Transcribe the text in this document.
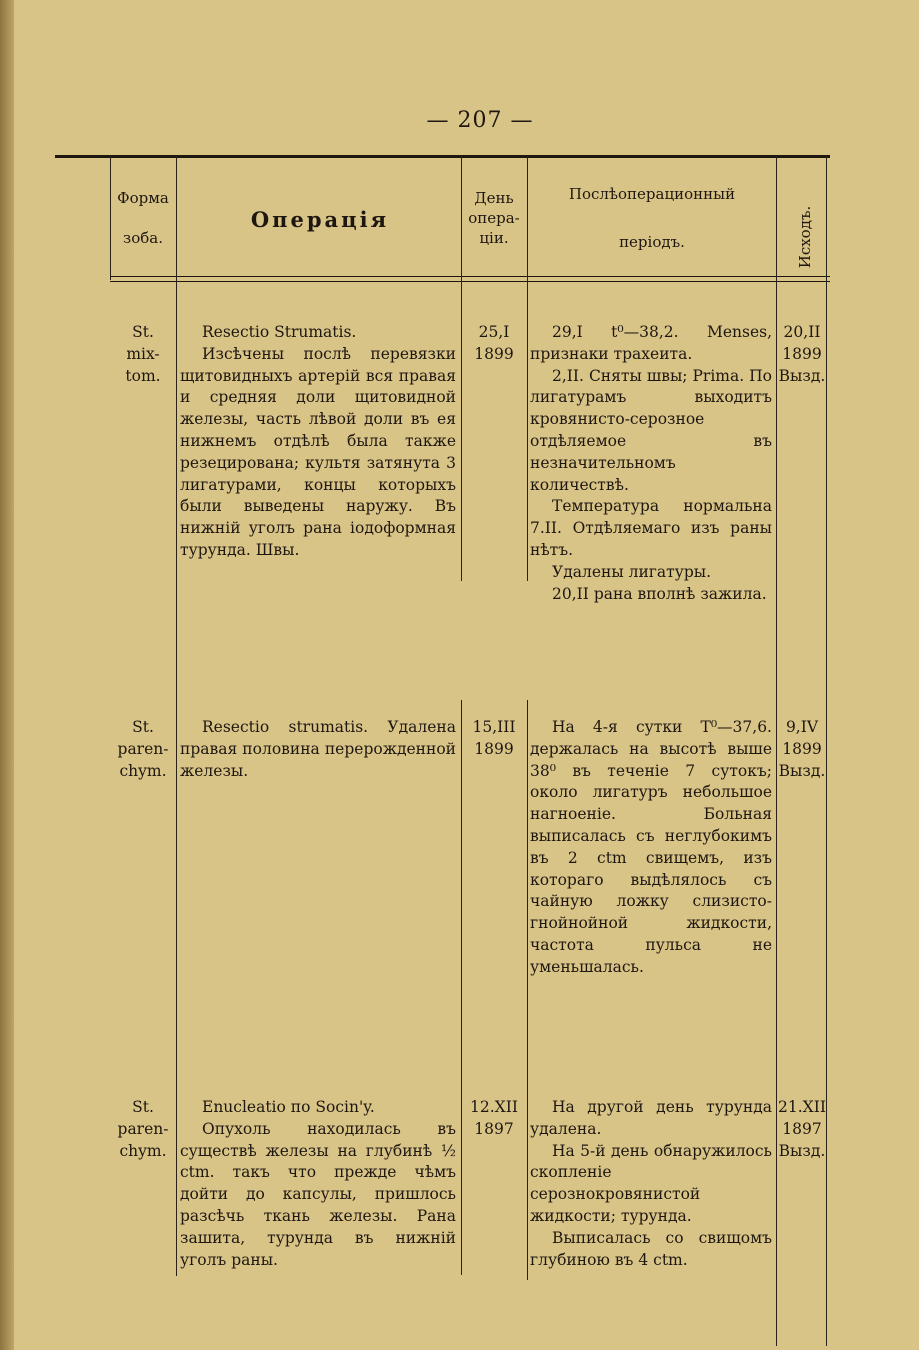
— 207 —
Форма
зоба.
Операція
День
опера-
ціи.
Послѣоперационный
періодъ.	Исходъ.
St.
mix-
tom.

Resectio Strumatis.

Изсѣчены послѣ перевязки щитовидныхъ артерій вся правая и средняя доли щитовидной железы, часть лѣвой доли въ ея нижнемъ отдѣлѣ была также резецирована; культя затянута 3 лигатурами, концы которыхъ были выведены наружу. Въ нижній уголъ рана іодоформная турунда. Швы.

25,I
1899

29,I t⁰—38,2. Menses, признаки трахеита.

2,II. Сняты швы; Prima. По лигатурамъ выходитъ кровянисто-серозное отдѣляемое въ незначительномъ количествѣ.

Температура нормальна 7.II. Отдѣляемаго изъ раны нѣтъ.

Удалены лигатуры.

20,II рана вполнѣ зажила.

20,II
1899
Вызд.
St.
paren-
chym.

Resectio strumatis. Удалена правая половина перерожденной железы.

15,III
1899

На 4-я сутки T⁰—37,6. держалась на высотѣ выше 38⁰ въ теченіе 7 сутокъ; около лигатуръ небольшое нагноеніе. Больная выписалась съ неглубокимъ въ 2 ctm свищемъ, изъ котораго выдѣлялось съ чайную ложку слизисто-гнойнойной жидкости, частота пульса не уменьшалась.

9,IV
1899
Вызд.
St.
paren-
chym.

Enucleatio по Socin'y.

Опухоль находилась въ существѣ железы на глубинѣ ½ ctm. такъ что прежде чѣмъ дойти до капсулы, пришлось разсѣчь ткань железы. Рана зашита, турунда въ нижній уголъ раны.

12.XII
1897

На другой день турунда удалена.

На 5-й день обнаружилось скопленіе серознокровянистой жидкости; турунда.

Выписалась со свищомъ глубиною въ 4 ctm.

21.XII
1897
Вызд.
